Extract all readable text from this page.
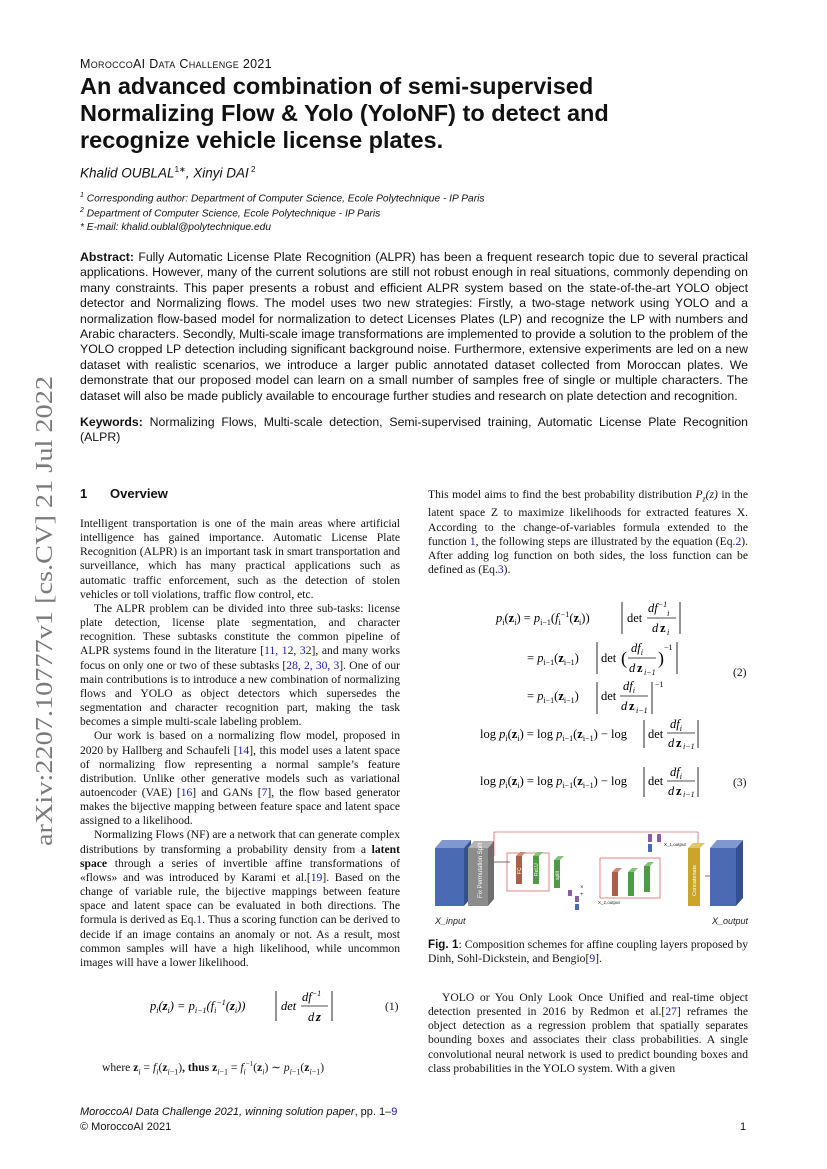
arXiv:2207.10777v1 [cs.CV] 21 Jul 2022
MoroccoAI Data Challenge 2021
An advanced combination of semi-supervised
Normalizing Flow & Yolo (YoloNF) to detect and
recognize vehicle license plates.
Khalid $OUBLAL^{1∗}$, Xinyi DAI $^2$
$^1$ Corresponding author: Department of Computer Science, Ecole Polytechnique - IP Paris
$^2$ Department of Computer Science, Ecole Polytechnique - IP Paris
* E-mail: khalid.oublal@polytechnique.edu
Abstract: Fully Automatic License Plate Recognition (ALPR) has been a frequent research topic due to several practical applications. However, many of the current solutions are still not robust enough in real situations, commonly depending on many constraints. This paper presents a robust and efficient ALPR system based on the state-of-the-art YOLO object detector and Normalizing flows. The model uses two new strategies: Firstly, a two-stage network using YOLO and a normalization flow-based model for normalization to detect Licenses Plates (LP) and recognize the LP with numbers and Arabic characters. Secondly, Multi-scale image transformations are implemented to provide a solution to the problem of the YOLO cropped LP detection including significant background noise. Furthermore, extensive experiments are led on a new dataset with realistic scenarios, we introduce a larger public annotated dataset collected from Moroccan plates. We demonstrate that our proposed model can learn on a small number of samples free of single or multiple characters. The dataset will also be made publicly available to encourage further studies and research on plate detection and recognition.
Keywords: Normalizing Flows, Multi-scale detection, Semi-supervised training, Automatic License Plate Recognition (ALPR)
1 Overview

Intelligent transportation is one of the main areas where artificial intelligence has gained importance. Automatic License Plate Recognition (ALPR) is an important task in smart transportation and surveillance, which has many practical applications such as automatic traffic enforcement, such as the detection of stolen vehicles or toll violations, traffic flow control, etc.

The ALPR problem can be divided into three sub-tasks: license plate detection, license plate segmentation, and character recognition. These subtasks constitute the common pipeline of ALPR systems found in the literature [11, 12, 32], and many works focus on only one or two of these subtasks [28, 2, 30, 3]. One of our main contributions is to introduce a new combination of normalizing flows and YOLO as object detectors which supersedes the segmentation and character recognition part, making the task becomes a simple multi-scale labeling problem.

Our work is based on a normalizing flow model, proposed in 2020 by Hallberg and Schaufeli [14], this model uses a latent space of normalizing flow representing a normal sample’s feature distribution. Unlike other generative models such as variational autoencoder (VAE) [16] and GANs [7], the flow based generator makes the bijective mapping between feature space and latent space assigned to a likelihood.

Normalizing Flows (NF) are a network that can generate complex distributions by transforming a probability density from a latent space through a series of invertible affine transformations of «flows» and was introduced by Karami et al.[19]. Based on the change of variable rule, the bijective mappings between feature space and latent space can be evaluated in both directions. The formula is derived as Eq.1. Thus a scoring function can be derived to decide if an image contains an anomaly or not. As a result, most common samples will have a high likelihood, while uncommon images will have a lower likelihood.

$p_i(z_i) = p_{i-1}(f_i^{-1}(z_i))$	det
$df^{-1}$
d z
(1)
where $z_i = f_i(z_{i-1})$, thus $z_{i-1} = f_i^{-1}(z_i)$ ∼ $p_{i-1}(z_{i-1})$

This model aims to find the best probability distribution $P_z(z)$ in the latent space Z to maximize likelihoods for extracted features X. According to the change-of-variables formula extended to the function 1, the following steps are illustrated by the equation (Eq.2). After adding log function on both sides, the loss function can be defined as (Eq.3).

$p_i(z_i) = p_{i-1}(f_i^{-1}(z_i))$	det
$df^{-1}_i$
d z i
= $p_{i-1}(z_{i-1})$ det ( $df_i$
d z i−1
)
−1
= $p_{i-1}(z_{i-1})$ det
$df_i$
d z i−1
−1
$\log p_i(z_i) = \log p_{i-1}(z_{i-1}) - \log \det$
$df_i$
d z i−1
(2)
$\log p_i(z_i) = \log p_{i-1}(z_{i-1}) - \log \det$
$df_i$
d z i−1
(3)
Fix Permutation Split	FC ReLU	split
+
×
X_2,output
X_1,output
Concatenate
X_input	X_output
Fig. 1: Composition schemes for affine coupling layers proposed by Dinh, Sohl-Dickstein, and Bengio[9].

YOLO or You Only Look Once Unified and real-time object detection presented in 2016 by Redmon et al.[27] reframes the object detection as a regression problem that spatially separates bounding boxes and associates their class probabilities. A single convolutional neural network is used to predict bounding boxes and class probabilities in the YOLO system. With a given

MoroccoAI Data Challenge 2021, winning solution paper, pp. 1–9
© MoroccoAI 2021	1
